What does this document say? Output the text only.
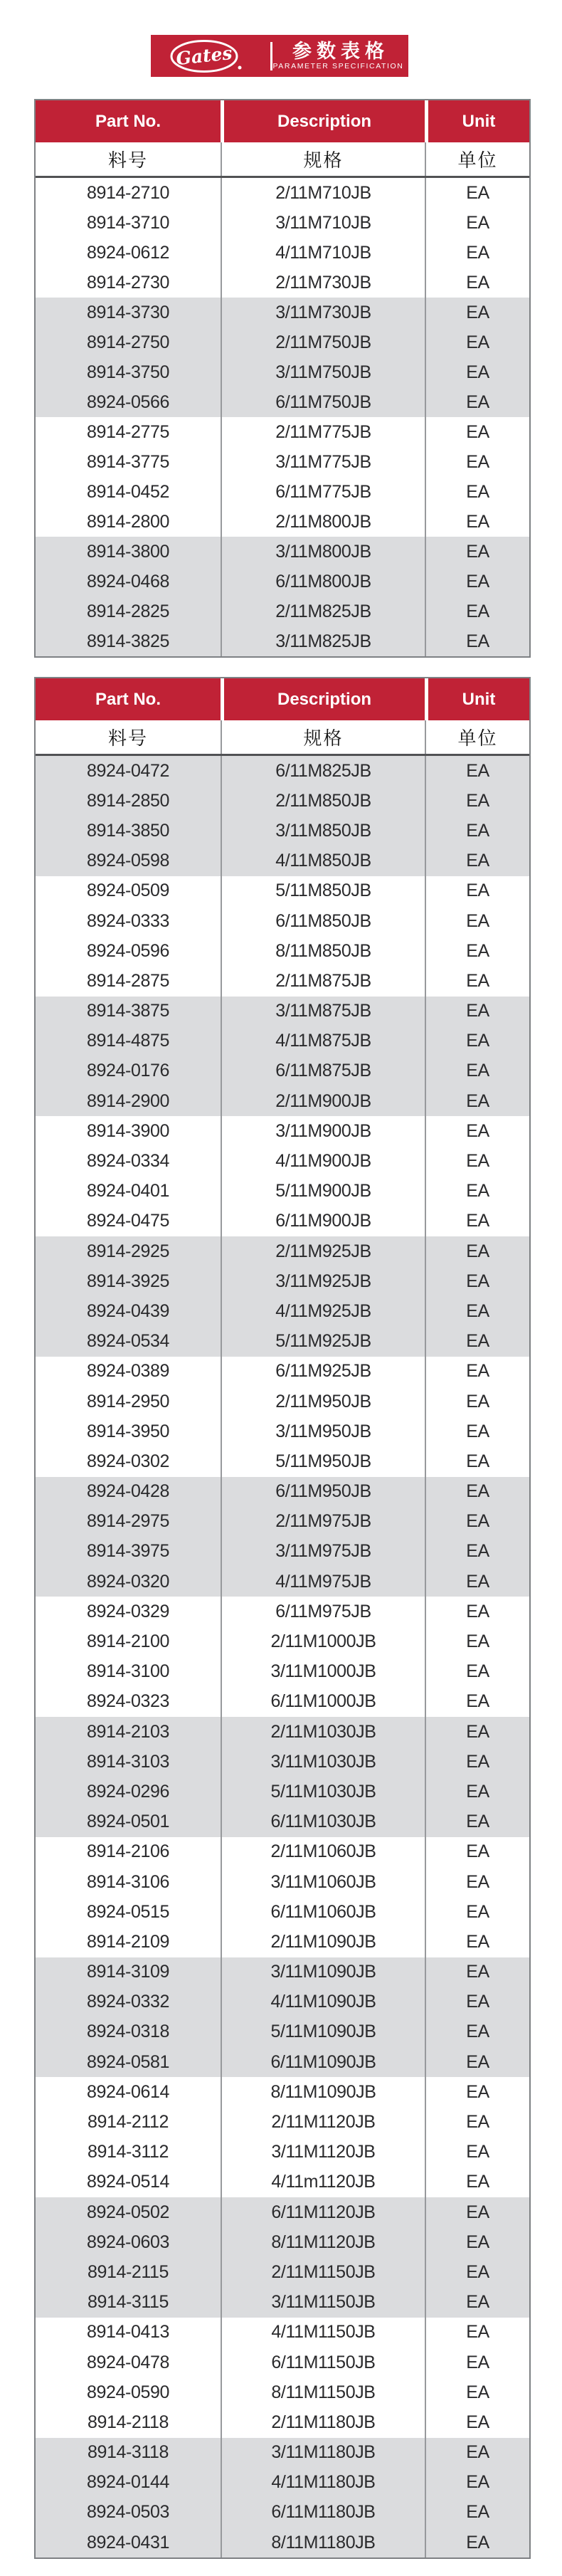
Gates	参数表格
PARAMETER SPECIFICATION
Part No.	Description	Unit
料号	规格	单位
8914-2710	2/11M710JB	EA
8914-3710	3/11M710JB	EA
8924-0612	4/11M710JB	EA
8914-2730	2/11M730JB	EA
8914-3730	3/11M730JB	EA
8914-2750	2/11M750JB	EA
8914-3750	3/11M750JB	EA
8924-0566	6/11M750JB	EA
8914-2775	2/11M775JB	EA
8914-3775	3/11M775JB	EA
8914-0452	6/11M775JB	EA
8914-2800	2/11M800JB	EA
8914-3800	3/11M800JB	EA
8924-0468	6/11M800JB	EA
8914-2825	2/11M825JB	EA
8914-3825	3/11M825JB	EA
Part No.	Description	Unit
料号	规格	单位
8924-0472	6/11M825JB	EA
8914-2850	2/11M850JB	EA
8914-3850	3/11M850JB	EA
8924-0598	4/11M850JB	EA
8924-0509	5/11M850JB	EA
8924-0333	6/11M850JB	EA
8924-0596	8/11M850JB	EA
8914-2875	2/11M875JB	EA
8914-3875	3/11M875JB	EA
8914-4875	4/11M875JB	EA
8924-0176	6/11M875JB	EA
8914-2900	2/11M900JB	EA
8914-3900	3/11M900JB	EA
8924-0334	4/11M900JB	EA
8924-0401	5/11M900JB	EA
8924-0475	6/11M900JB	EA
8914-2925	2/11M925JB	EA
8914-3925	3/11M925JB	EA
8924-0439	4/11M925JB	EA
8924-0534	5/11M925JB	EA
8924-0389	6/11M925JB	EA
8914-2950	2/11M950JB	EA
8914-3950	3/11M950JB	EA
8924-0302	5/11M950JB	EA
8924-0428	6/11M950JB	EA
8914-2975	2/11M975JB	EA
8914-3975	3/11M975JB	EA
8924-0320	4/11M975JB	EA
8924-0329	6/11M975JB	EA
8914-2100	2/11M1000JB	EA
8914-3100	3/11M1000JB	EA
8924-0323	6/11M1000JB	EA
8914-2103	2/11M1030JB	EA
8914-3103	3/11M1030JB	EA
8924-0296	5/11M1030JB	EA
8924-0501	6/11M1030JB	EA
8914-2106	2/11M1060JB	EA
8914-3106	3/11M1060JB	EA
8924-0515	6/11M1060JB	EA
8914-2109	2/11M1090JB	EA
8914-3109	3/11M1090JB	EA
8924-0332	4/11M1090JB	EA
8924-0318	5/11M1090JB	EA
8924-0581	6/11M1090JB	EA
8924-0614	8/11M1090JB	EA
8914-2112	2/11M1120JB	EA
8914-3112	3/11M1120JB	EA
8924-0514	4/11m1120JB	EA
8924-0502	6/11M1120JB	EA
8924-0603	8/11M1120JB	EA
8914-2115	2/11M1150JB	EA
8914-3115	3/11M1150JB	EA
8914-0413	4/11M1150JB	EA
8924-0478	6/11M1150JB	EA
8924-0590	8/11M1150JB	EA
8914-2118	2/11M1180JB	EA
8914-3118	3/11M1180JB	EA
8924-0144	4/11M1180JB	EA
8924-0503	6/11M1180JB	EA
8924-0431	8/11M1180JB	EA
